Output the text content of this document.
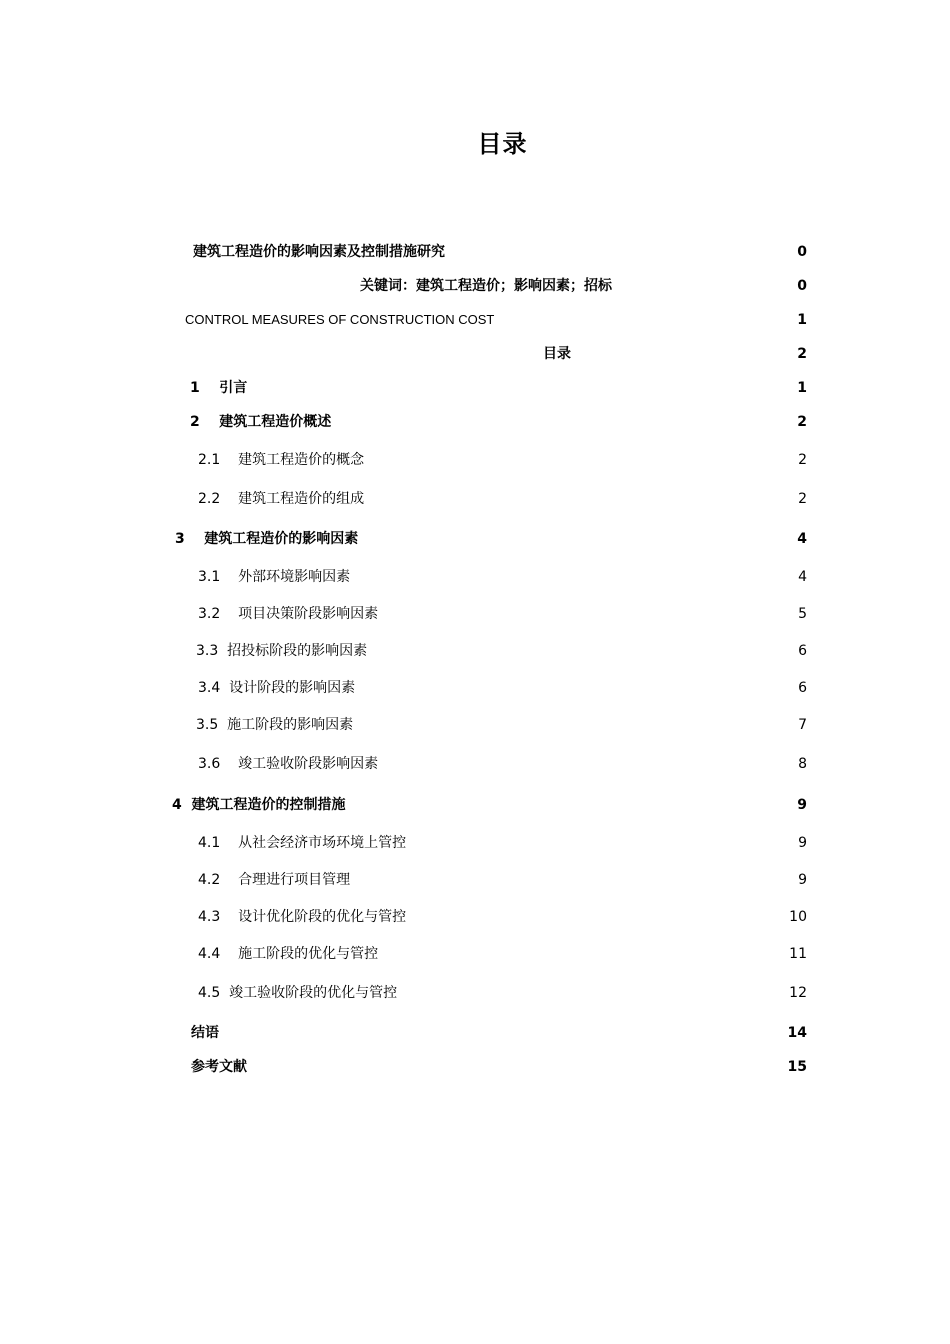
目录
建筑工程造价的影响因素及控制措施研究	0
关键词：建筑工程造价；影响因素；招标	0
CONTROL MEASURES OF CONSTRUCTION COST	1
目录	2
1    引言	1
2    建筑工程造价概述	2
2.1    建筑工程造价的概念	2
2.2    建筑工程造价的组成	2
3    建筑工程造价的影响因素	4
3.1    外部环境影响因素	4
3.2    项目决策阶段影响因素	5
3.3  招投标阶段的影响因素	6
3.4  设计阶段的影响因素	6
3.5  施工阶段的影响因素	7
3.6    竣工验收阶段影响因素	8
4  建筑工程造价的控制措施	9
4.1    从社会经济市场环境上管控	9
4.2    合理进行项目管理	9
4.3    设计优化阶段的优化与管控	10
4.4    施工阶段的优化与管控	11
4.5  竣工验收阶段的优化与管控	12
结语	14
参考文献	15
